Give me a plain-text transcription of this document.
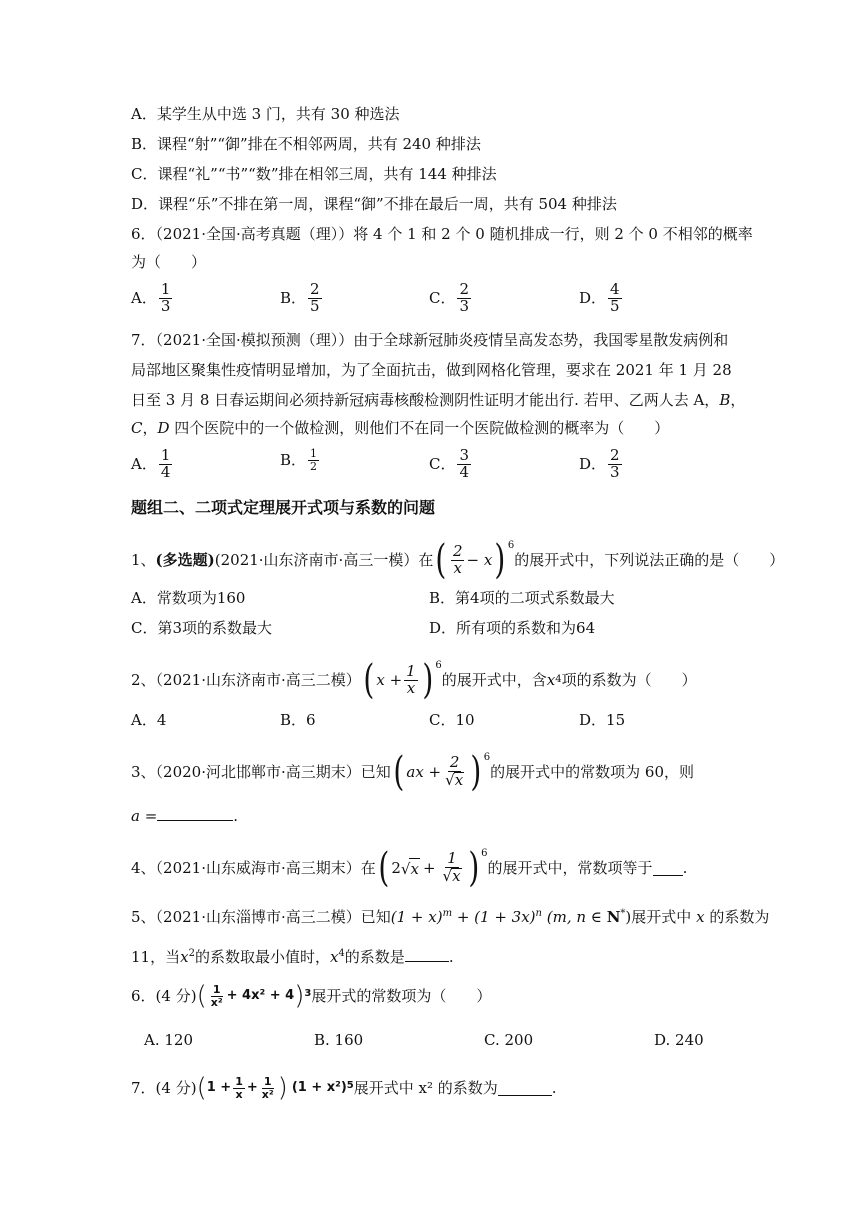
A．某学生从中选 3 门，共有 30 种选法
B．课程“射”“御”排在不相邻两周，共有 240 种排法
C．课程“礼”“书”“数”排在相邻三周，共有 144 种排法
D．课程“乐”不排在第一周，课程“御”不排在最后一周，共有 504 种排法
6．（2021·全国·高考真题（理））将 4 个 1 和 2 个 0 随机排成一行，则 2 个 0 不相邻的概率
为（　　）
A． $\frac{1}{3}$	B． $\frac{2}{5}$	C． $\frac{2}{3}$	D． $\frac{4}{5}$
7．（2021·全国·模拟预测（理））由于全球新冠肺炎疫情呈高发态势，我国零星散发病例和
局部地区聚集性疫情明显增加，为了全面抗击，做到网格化管理，要求在 2021 年 1 月 28
日至 3 月 8 日春运期间必须持新冠病毒核酸检测阴性证明才能出行. 若甲、乙两人去 A，B，
C，D 四个医院中的一个做检测，则他们不在同一个医院做检测的概率为（　　）
A． $\frac{1}{4}$	B． $\frac{1}{2}$	C． $\frac{3}{4}$	D． $\frac{2}{3}$
题组二、二项式定理展开式项与系数的问题
1、 (多选题) (2021·山东济南市·高三一模）在 ( $\frac{2}{x} - x$ ) 6
的展开式中，下列说法正确的是（　　）
A．常数项为160	B．第4项的二项式系数最大
C．第3项的系数最大	D．所有项的系数和为64
2、（2021·山东济南市·高三二模） ( $x + \frac{1}{x}$ ) 6
的展开式中，含 x 4 项的系数为（　　）
A．4	B．6	C．10	D．15
3、（2020·河北邯郸市·高三期末）已知 ( ax + $\frac{2}{√x}$ ) 6
的展开式中的常数项为 60，则
a =	.
4、（2021·山东威海市·高三期末）在 ( 2 $√x + \frac{1}{√x}$ ) 6
的展开式中，常数项等于 .
5、（2021·山东淄博市·高三二模）已知$(1 + x)^m + (1 + 3x)^n$ (m, n ∈ N*)展开式中 x 的系数为
11，当$x^2$的系数取最小值时，$x^4$的系数是	.
6．(4 分) ( $\frac{1}{\text{x²}} + 4x^2 + 4$ ) 3 展开式的常数项为（　　）
A. 120	B. 160	C. 200	D. 240
7．(4 分) ( $1 + \frac{1}{x} + \frac{1}{\text{x²}}$ ) (1 + x²) 5 展开式中 x² 的系数为	.
